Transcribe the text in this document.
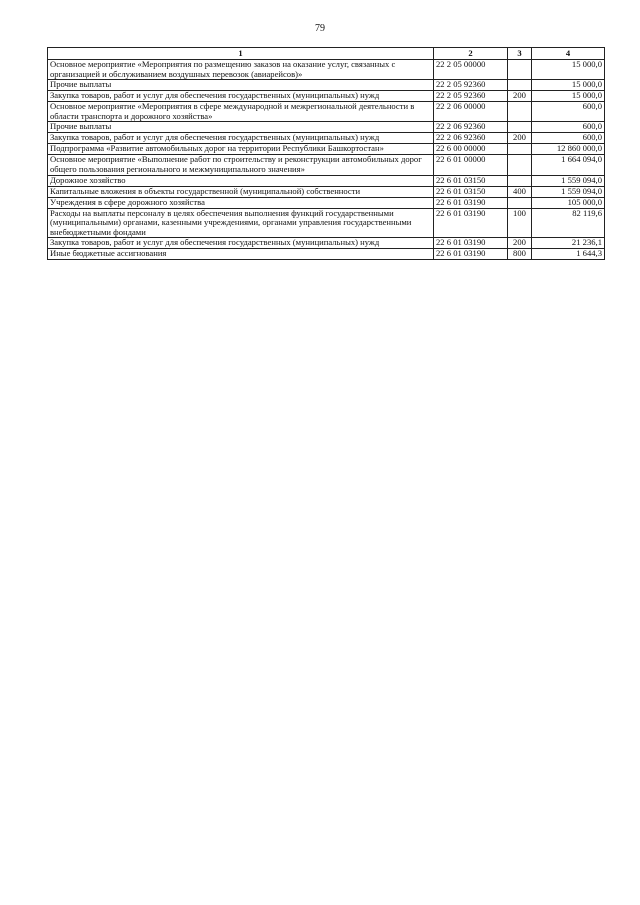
79
1	2	3	4
Основное мероприятие «Мероприятия по размещению заказов на оказание услуг, связанных с организацией и обслуживанием воздушных перевозок (авиарейсов)»	22 2 05 00000		15 000,0
Прочие выплаты	22 2 05 92360		15 000,0
Закупка товаров, работ и услуг для обеспечения государственных (муниципальных) нужд	22 2 05 92360	200	15 000,0
Основное мероприятие «Мероприятия в сфере международной и межрегиональной деятельности в области транспорта и дорожного хозяйства»	22 2 06 00000		600,0
Прочие выплаты	22 2 06 92360		600,0
Закупка товаров, работ и услуг для обеспечения государственных (муниципальных) нужд	22 2 06 92360	200	600,0
Подпрограмма «Развитие автомобильных дорог на территории Республики Башкортостан»	22 6 00 00000		12 860 000,0
Основное мероприятие «Выполнение работ по строительству и реконструкции автомобильных дорог общего пользования регионального и межмуниципального значения»	22 6 01 00000		1 664 094,0
Дорожное хозяйство	22 6 01 03150		1 559 094,0
Капитальные вложения в объекты государственной (муниципальной) собственности	22 6 01 03150	400	1 559 094,0
Учреждения в сфере дорожного хозяйства	22 6 01 03190		105 000,0
Расходы на выплаты персоналу в целях обеспечения выполнения функций государственными (муниципальными) органами, казенными учреждениями, органами управления государственными внебюджетными фондами	22 6 01 03190	100	82 119,6
Закупка товаров, работ и услуг для обеспечения государственных (муниципальных) нужд	22 6 01 03190	200	21 236,1
Иные бюджетные ассигнования	22 6 01 03190	800	1 644,3
